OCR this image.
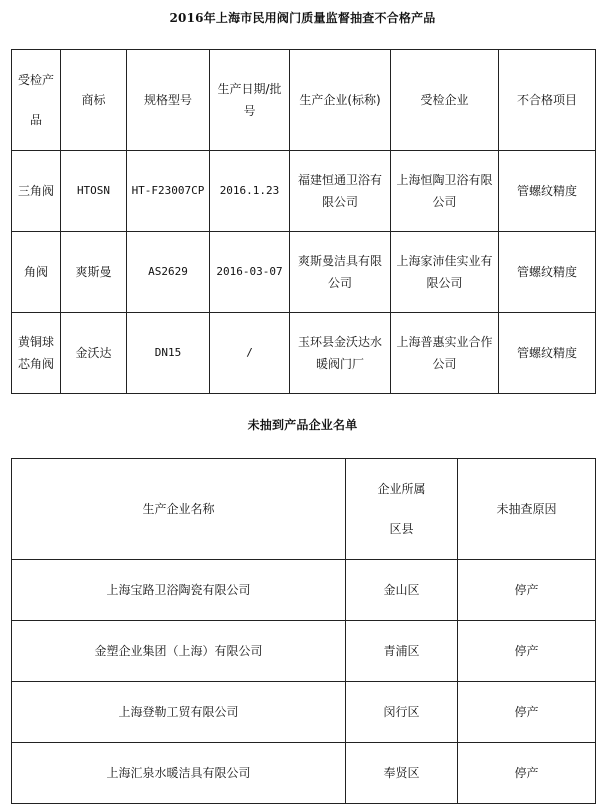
2016年上海市民用阀门质量监督抽查不合格产品
受检产品	商标	规格型号	生产日期/批号	生产企业(标称)	受检企业	不合格项目
三角阀	HTOSN	HT-F23007CP	2016.1.23	福建恒通卫浴有限公司	上海恒陶卫浴有限公司	管螺纹精度
角阀	爽斯曼	AS2629	2016-03-07	爽斯曼洁具有限公司	上海家沛佳实业有限公司	管螺纹精度
黄铜球芯角阀	金沃达	DN15	/	玉环县金沃达水暖阀门厂	上海普惠实业合作公司	管螺纹精度
未抽到产品企业名单
生产企业名称	企业所属区县	未抽查原因
上海宝路卫浴陶瓷有限公司	金山区	停产
金塑企业集团（上海）有限公司	青浦区	停产
上海登勒工贸有限公司	闵行区	停产
上海汇泉水暖洁具有限公司	奉贤区	停产
